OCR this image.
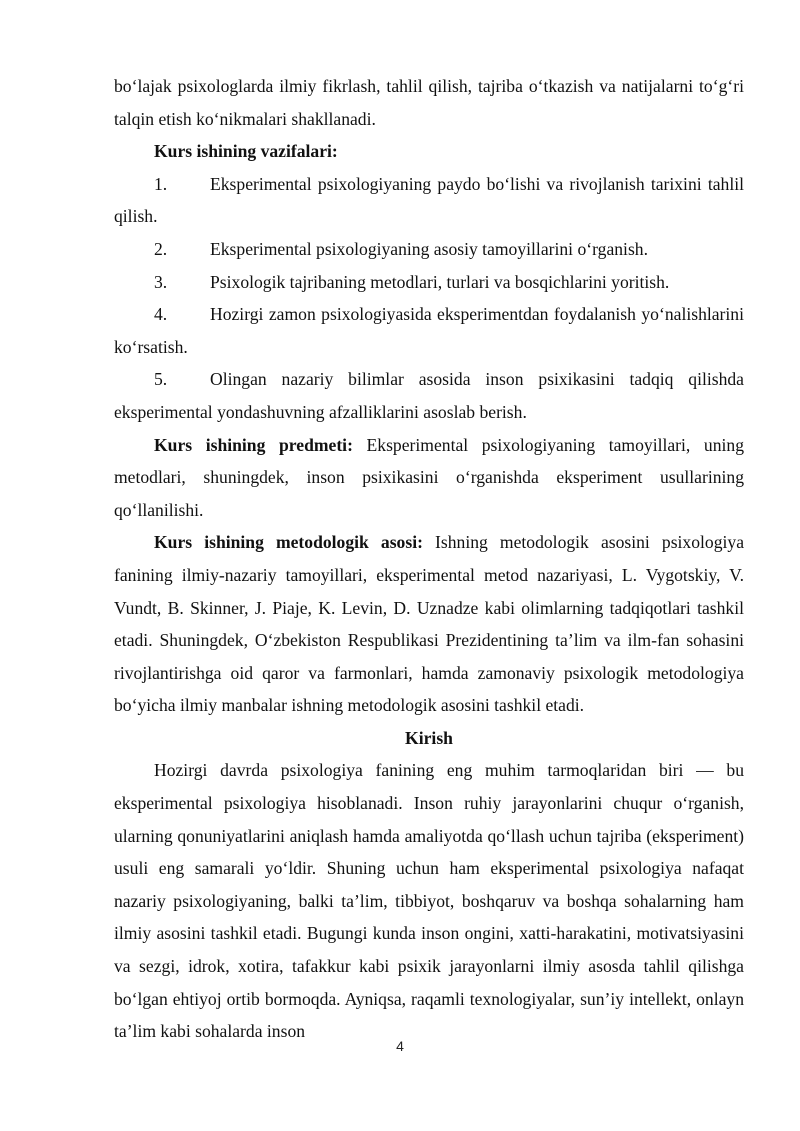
bo‘lajak psixologlarda ilmiy fikrlash, tahlil qilish, tajriba o‘tkazish va natijalarni to‘g‘ri talqin etish ko‘nikmalari shakllanadi.

Kurs ishining vazifalari:

1. Eksperimental psixologiyaning paydo bo‘lishi va rivojlanish tarixini tahlil qilish.

2. Eksperimental psixologiyaning asosiy tamoyillarini o‘rganish.

3. Psixologik tajribaning metodlari, turlari va bosqichlarini yoritish.

4. Hozirgi zamon psixologiyasida eksperimentdan foydalanish yo‘nalishlarini ko‘rsatish.

5. Olingan nazariy bilimlar asosida inson psixikasini tadqiq qilishda eksperimental yondashuvning afzalliklarini asoslab berish.

Kurs ishining predmeti: Eksperimental psixologiyaning tamoyillari, uning metodlari, shuningdek, inson psixikasini o‘rganishda eksperiment usullarining qo‘llanilishi.

Kurs ishining metodologik asosi: Ishning metodologik asosini psixologiya fanining ilmiy-nazariy tamoyillari, eksperimental metod nazariyasi, L. Vygotskiy, V. Vundt, B. Skinner, J. Piaje, K. Levin, D. Uznadze kabi olimlarning tadqiqotlari tashkil etadi. Shuningdek, O‘zbekiston Respublikasi Prezidentining ta’lim va ilm-fan sohasini rivojlantirishga oid qaror va farmonlari, hamda zamonaviy psixologik metodologiya bo‘yicha ilmiy manbalar ishning metodologik asosini tashkil etadi.

Kirish

Hozirgi davrda psixologiya fanining eng muhim tarmoqlaridan biri — bu eksperimental psixologiya hisoblanadi. Inson ruhiy jarayonlarini chuqur o‘rganish, ularning qonuniyatlarini aniqlash hamda amaliyotda qo‘llash uchun tajriba (eksperiment) usuli eng samarali yo‘ldir. Shuning uchun ham eksperimental psixologiya nafaqat nazariy psixologiyaning, balki ta’lim, tibbiyot, boshqaruv va boshqa sohalarning ham ilmiy asosini tashkil etadi. Bugungi kunda inson ongini, xatti-harakatini, motivatsiyasini va sezgi, idrok, xotira, tafakkur kabi psixik jarayonlarni ilmiy asosda tahlil qilishga bo‘lgan ehtiyoj ortib bormoqda. Ayniqsa, raqamli texnologiyalar, sun’iy intellekt, onlayn ta’lim kabi sohalarda inson

4
